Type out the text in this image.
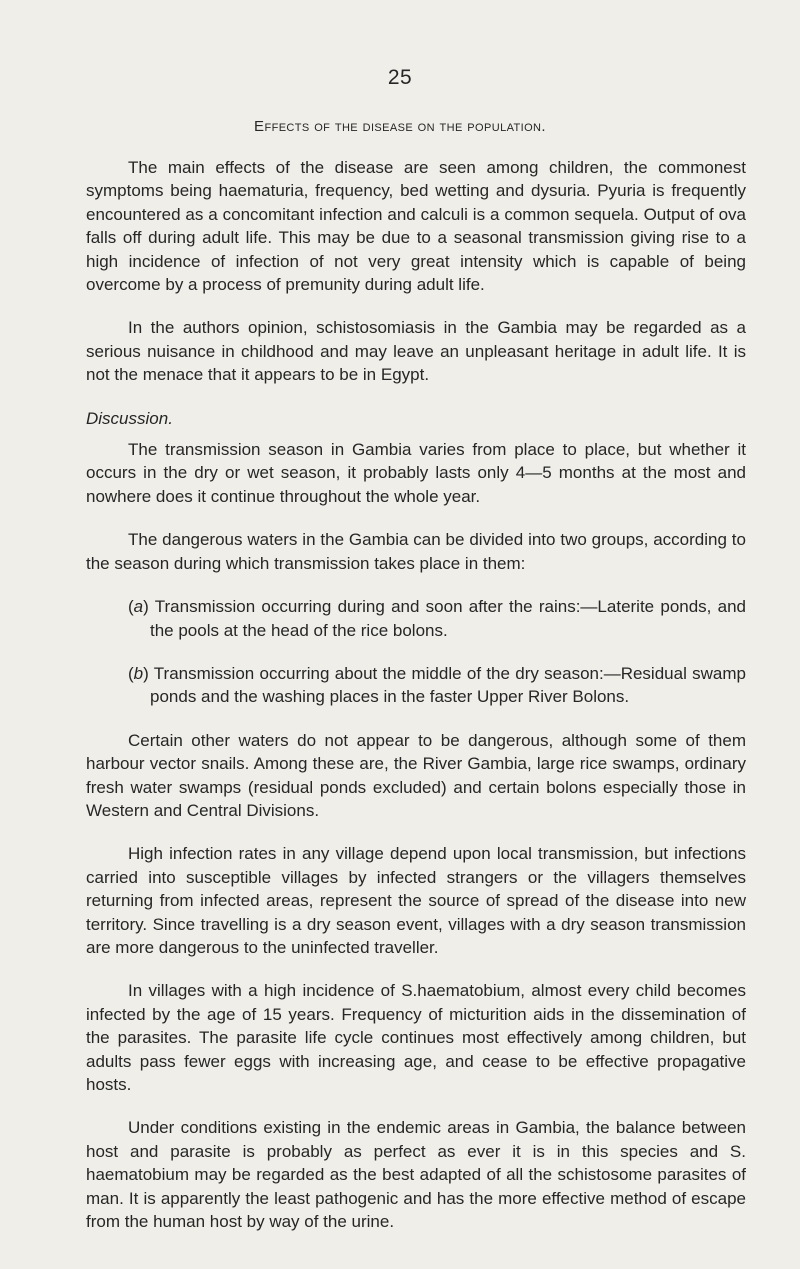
25
Effects of the disease on the population.

The main effects of the disease are seen among children, the commonest symptoms being haematuria, frequency, bed wetting and dysuria. Pyuria is frequently encountered as a concomitant infection and calculi is a common sequela. Output of ova falls off during adult life. This may be due to a seasonal transmission giving rise to a high incidence of infection of not very great intensity which is capable of being overcome by a process of premunity during adult life.

In the authors opinion, schistosomiasis in the Gambia may be regarded as a serious nuisance in childhood and may leave an unpleasant heritage in adult life. It is not the menace that it appears to be in Egypt.

Discussion.

The transmission season in Gambia varies from place to place, but whether it occurs in the dry or wet season, it probably lasts only 4—5 months at the most and nowhere does it continue throughout the whole year.

The dangerous waters in the Gambia can be divided into two groups, according to the season during which transmission takes place in them:

(a) Transmission occurring during and soon after the rains:—Laterite ponds, and the pools at the head of the rice bolons.

(b) Transmission occurring about the middle of the dry season:—Residual swamp ponds and the washing places in the faster Upper River Bolons.

Certain other waters do not appear to be dangerous, although some of them harbour vector snails. Among these are, the River Gambia, large rice swamps, ordinary fresh water swamps (residual ponds excluded) and certain bolons especially those in Western and Central Divisions.

High infection rates in any village depend upon local transmission, but infections carried into susceptible villages by infected strangers or the villagers themselves returning from infected areas, represent the source of spread of the disease into new territory. Since travelling is a dry season event, villages with a dry season transmission are more dangerous to the uninfected traveller.

In villages with a high incidence of S.haematobium, almost every child becomes infected by the age of 15 years. Frequency of micturition aids in the dissemination of the parasites. The parasite life cycle continues most effectively among children, but adults pass fewer eggs with increasing age, and cease to be effective propagative hosts.

Under conditions existing in the endemic areas in Gambia, the balance between host and parasite is probably as perfect as ever it is in this species and S. haematobium may be regarded as the best adapted of all the schistosome parasites of man. It is apparently the least pathogenic and has the more effective method of escape from the human host by way of the urine.
